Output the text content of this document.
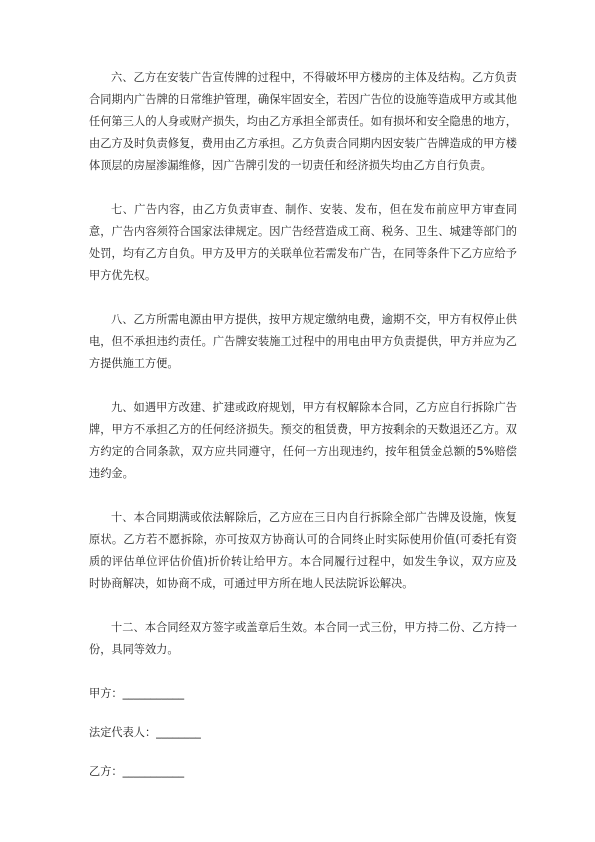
六、乙方在安装广告宣传牌的过程中，不得破坏甲方楼房的主体及结构。乙方负责合同期内广告牌的日常维护管理，确保牢固安全，若因广告位的设施等造成甲方或其他任何第三人的人身或财产损失，均由乙方承担全部责任。如有损坏和安全隐患的地方，由乙方及时负责修复，费用由乙方承担。乙方负责合同期内因安装广告牌造成的甲方楼体顶层的房屋渗漏维修，因广告牌引发的一切责任和经济损失均由乙方自行负责。

七、广告内容，由乙方负责审查、制作、安装、发布，但在发布前应甲方审查同意，广告内容须符合国家法律规定。因广告经营造成工商、税务、卫生、城建等部门的处罚，均有乙方自负。甲方及甲方的关联单位若需发布广告，在同等条件下乙方应给予甲方优先权。

八、乙方所需电源由甲方提供，按甲方规定缴纳电费，逾期不交，甲方有权停止供电，但不承担违约责任。广告牌安装施工过程中的用电由甲方负责提供，甲方并应为乙方提供施工方便。

九、如遇甲方改建、扩建或政府规划，甲方有权解除本合同，乙方应自行拆除广告牌，甲方不承担乙方的任何经济损失。预交的租赁费，甲方按剩余的天数退还乙方。双方约定的合同条款，双方应共同遵守，任何一方出现违约，按年租赁金总额的5%赔偿违约金。

十、本合同期满或依法解除后，乙方应在三日内自行拆除全部广告牌及设施，恢复原状。乙方若不愿拆除，亦可按双方协商认可的合同终止时实际使用价值(可委托有资质的评估单位评估价值)折价转让给甲方。本合同履行过程中，如发生争议，双方应及时协商解决，如协商不成，可通过甲方所在地人民法院诉讼解决。

十二、本合同经双方签字或盖章后生效。本合同一式三份，甲方持二份、乙方持一份，具同等效力。

甲方：___________

法定代表人：________

乙方：___________
